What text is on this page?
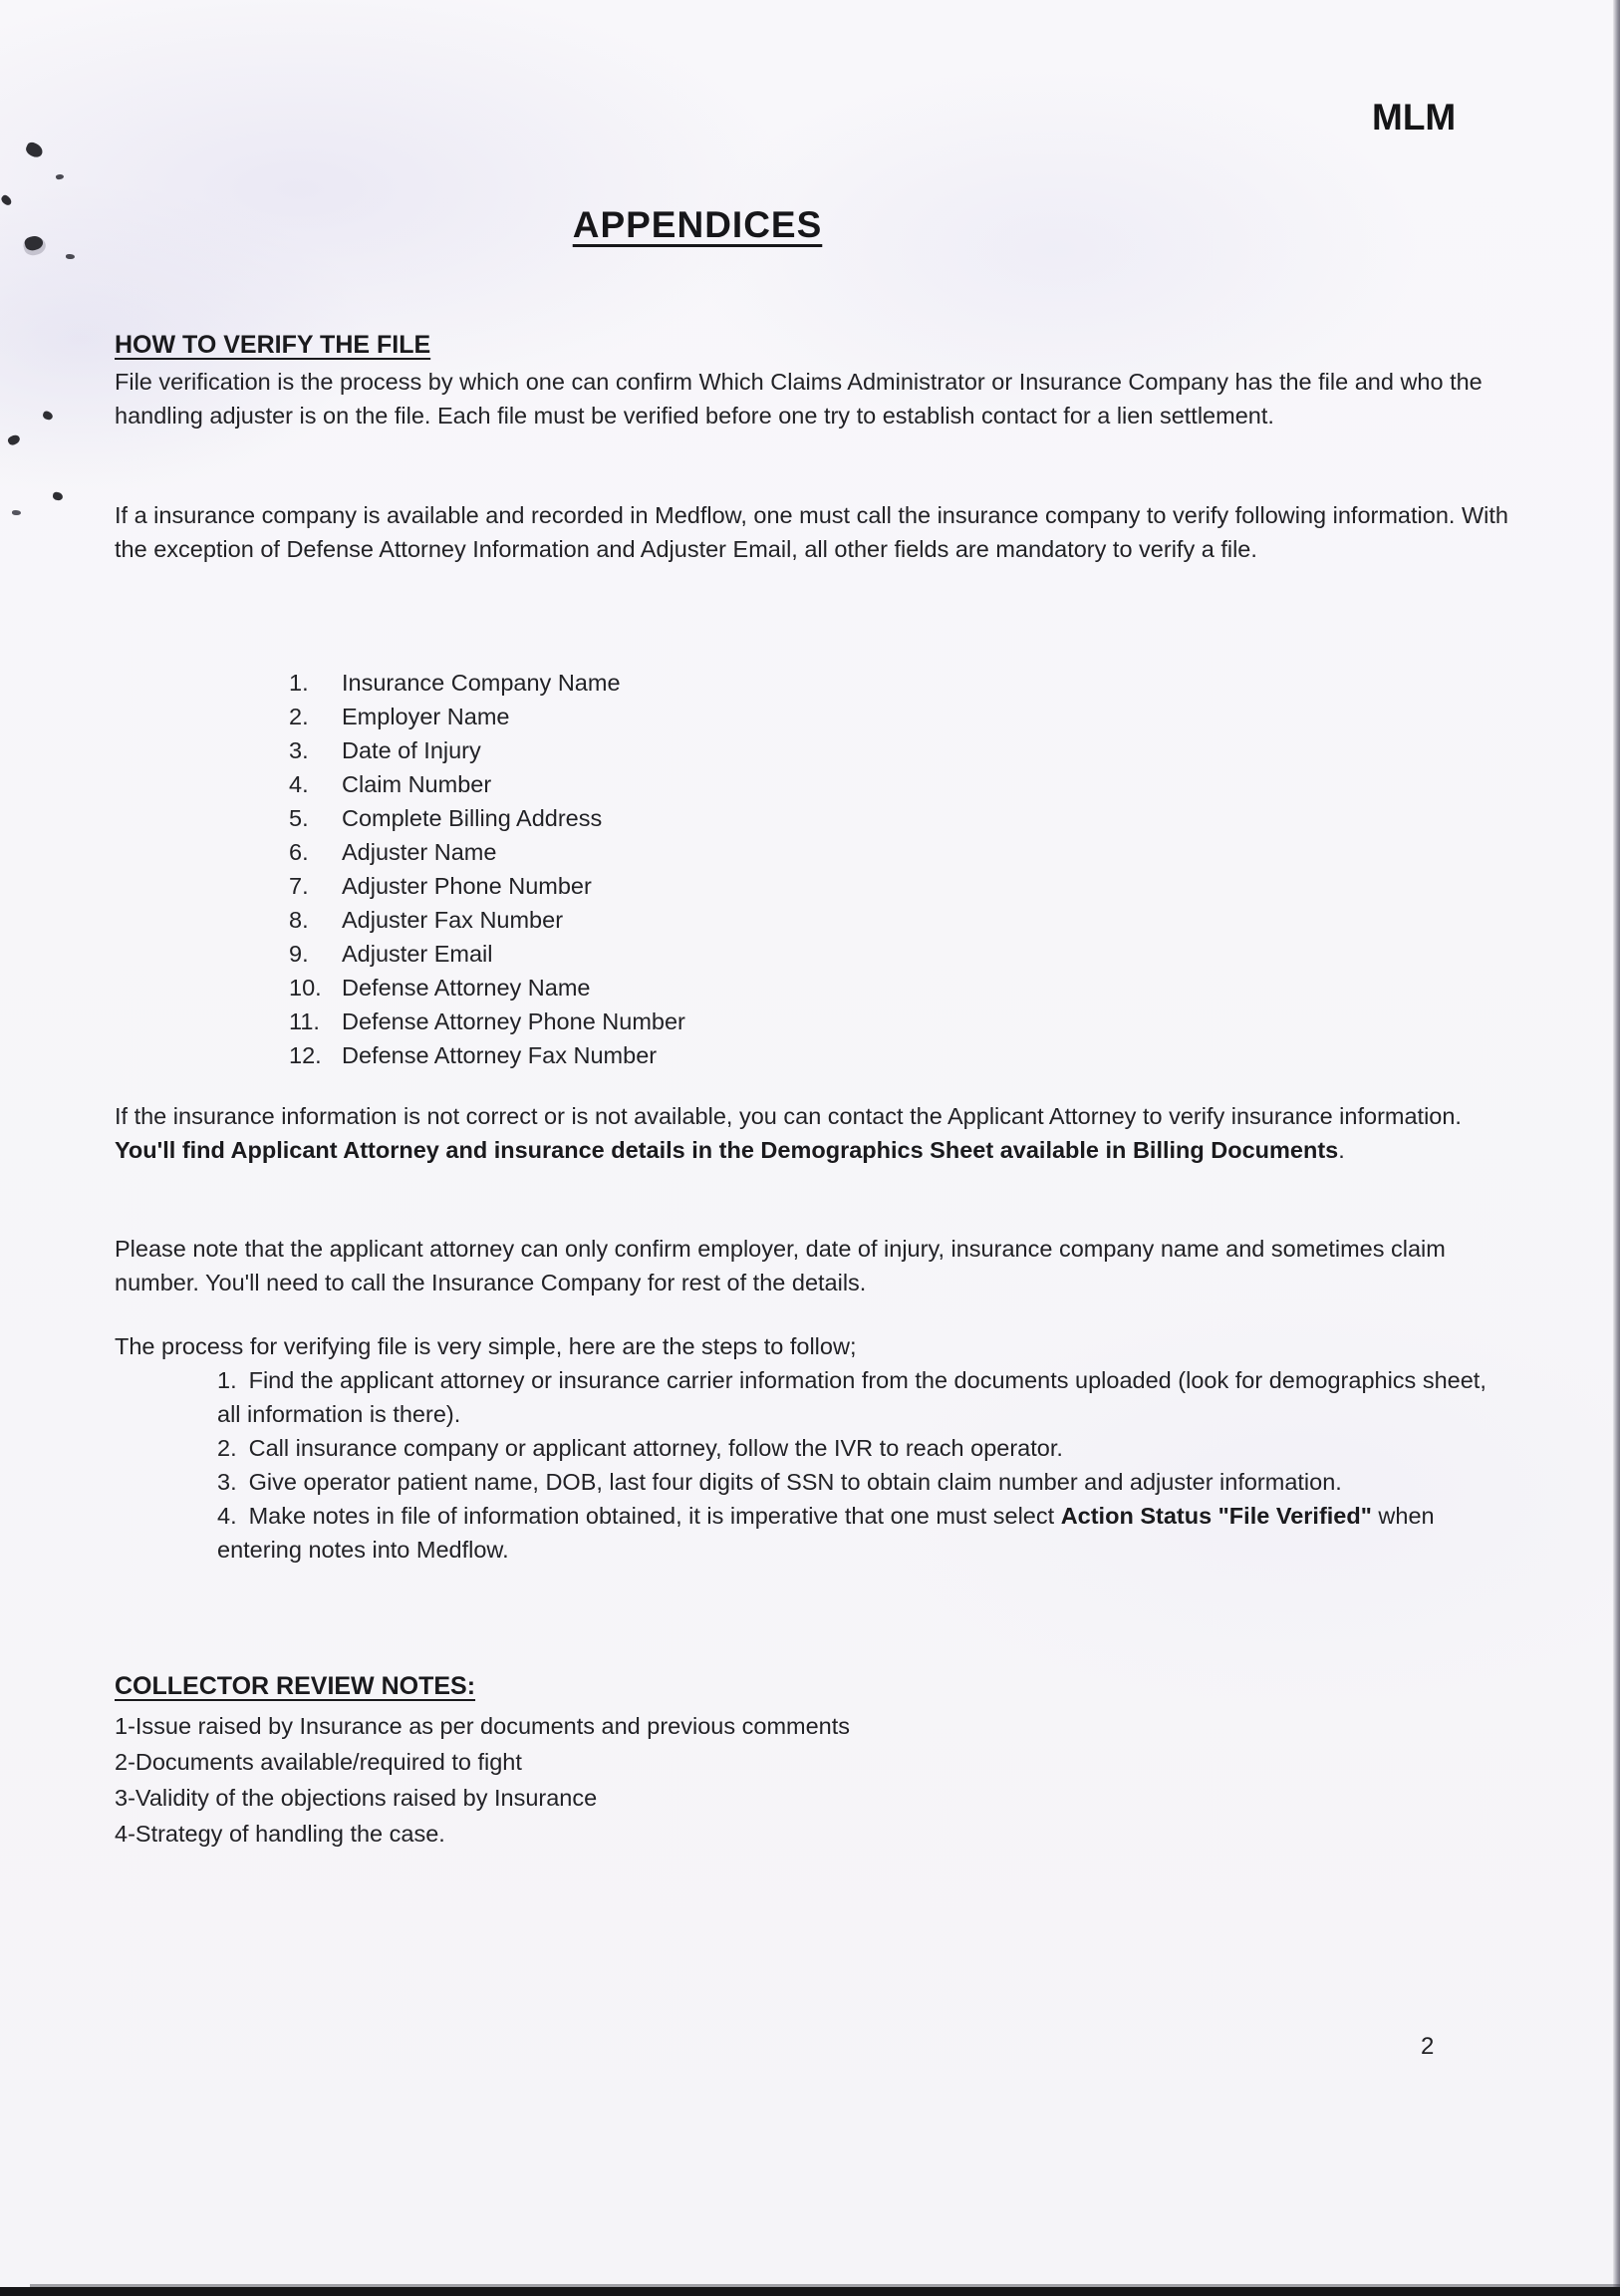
MLM
APPENDICES
HOW TO VERIFY THE FILE
File verification is the process by which one can confirm Which Claims Administrator or Insurance Company has the file and who the handling adjuster is on the file. Each file must be verified before one try to establish contact for a lien settlement.
If a insurance company is available and recorded in Medflow, one must call the insurance company to verify following information. With the exception of Defense Attorney Information and Adjuster Email, all other fields are mandatory to verify a file.
1. Insurance Company Name
2. Employer Name
3. Date of Injury
4. Claim Number
5. Complete Billing Address
6. Adjuster Name
7. Adjuster Phone Number
8. Adjuster Fax Number
9. Adjuster Email
10. Defense Attorney Name
11. Defense Attorney Phone Number
12. Defense Attorney Fax Number
If the insurance information is not correct or is not available, you can contact the Applicant Attorney to verify insurance information. You'll find Applicant Attorney and insurance details in the Demographics Sheet available in Billing Documents.
Please note that the applicant attorney can only confirm employer, date of injury, insurance company name and sometimes claim number. You'll need to call the Insurance Company for rest of the details.
The process for verifying file is very simple, here are the steps to follow;
1. Find the applicant attorney or insurance carrier information from the documents uploaded (look for demographics sheet, all information is there).
2. Call insurance company or applicant attorney, follow the IVR to reach operator.
3. Give operator patient name, DOB, last four digits of SSN to obtain claim number and adjuster information.
4. Make notes in file of information obtained, it is imperative that one must select Action Status "File Verified" when entering notes into Medflow.
COLLECTOR REVIEW NOTES:
1-Issue raised by Insurance as per documents and previous comments
2-Documents available/required to fight
3-Validity of the objections raised by Insurance
4-Strategy of handling the case.
2
